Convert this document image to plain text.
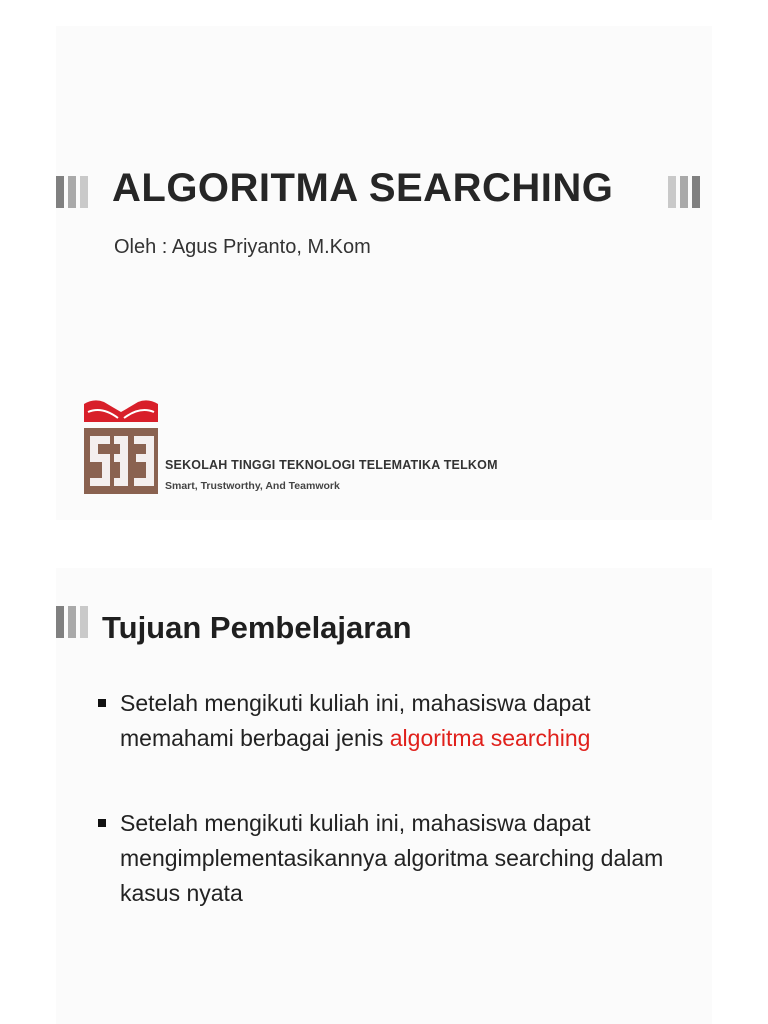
ALGORITMA SEARCHING
Oleh : Agus Priyanto, M.Kom
SEKOLAH TINGGI TEKNOLOGI TELEMATIKA TELKOM
Smart, Trustworthy, And Teamwork
Tujuan Pembelajaran
Setelah mengikuti kuliah ini, mahasiswa dapat memahami berbagai jenis algoritma searching
Setelah mengikuti kuliah ini, mahasiswa dapat mengimplementasikannya algoritma searching dalam kasus nyata
